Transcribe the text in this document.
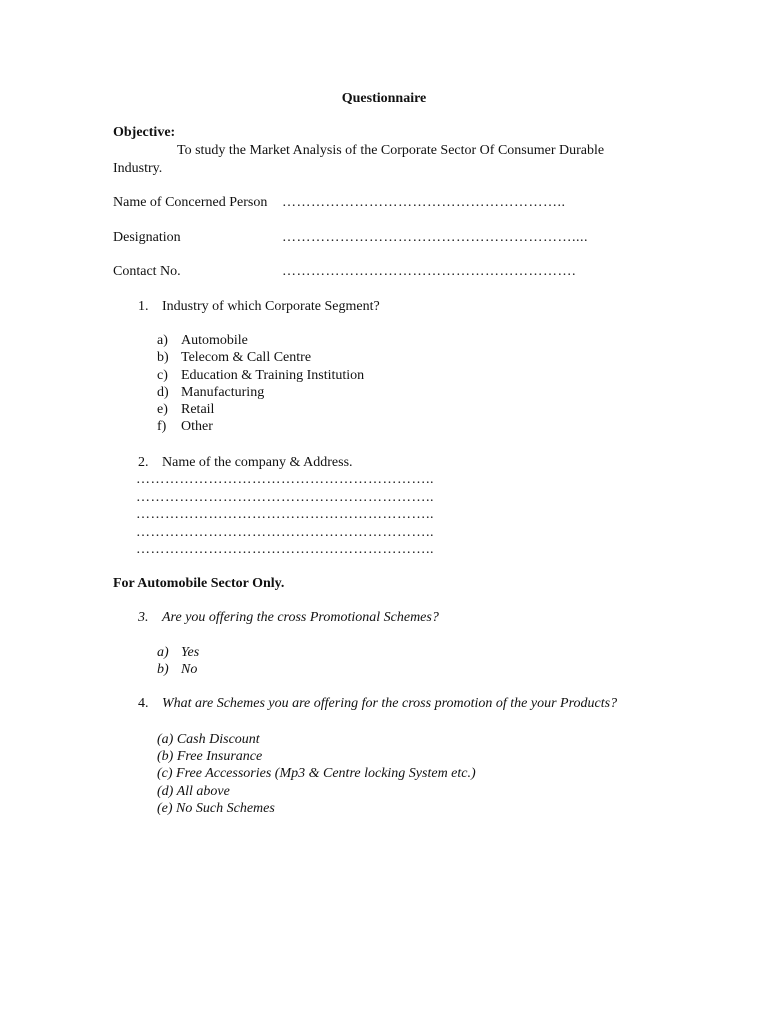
Questionnaire
Objective:
To study the Market Analysis of the Corporate Sector Of Consumer Durable Industry.
Name of Concerned Person …………………………………………………..
Designation	……………………………………………………....
Contact No.	…………………………………………………….
1. Industry of which Corporate Segment?
a) Automobile
b) Telecom & Call Centre
c) Education & Training Institution
d) Manufacturing
e) Retail
f) Other
2. Name of the company & Address.
……………………………………………………..
……………………………………………………..
……………………………………………………..
……………………………………………………..
……………………………………………………..
For Automobile Sector Only.
3. Are you offering the cross Promotional Schemes?
a) Yes
b) No
4. What are Schemes you are offering for the cross promotion of the your Products?
(a) Cash Discount
(b) Free Insurance
(c) Free Accessories (Mp3 & Centre locking System etc.)
(d) All above
(e) No Such Schemes
